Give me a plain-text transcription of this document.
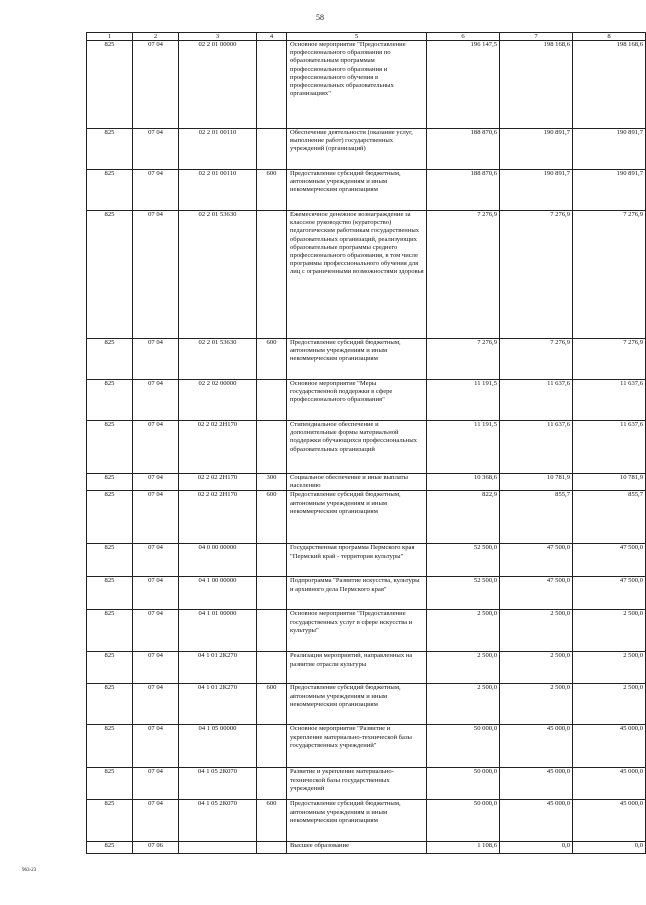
58
1	2	3	4	5	6	7	8
825	07 04	02 2 01 00000		Основное мероприятие "Предоставление профессионального образования по образовательным программам профессионального образования и профессионального обучения в профессиональных образовательных организациях"	196 147,5	198 168,6	198 168,6
825	07 04	02 2 01 00110		Обеспечение деятельности (оказание услуг, выполнение работ) государственных учреждений (организаций)	188 870,6	190 891,7	190 891,7
825	07 04	02 2 01 00110	600	Предоставление субсидий бюджетным, автономным учреждениям и иным некоммерческим организациям	188 870,6	190 891,7	190 891,7
825	07 04	02 2 01 53630		Ежемесячное денежное вознаграждение за классное руководство (кураторство) педагогическим работникам государственных образовательных организаций, реализующих образовательные программы среднего профессионального образования, в том числе программы профессионального обучения для лиц с ограниченными возможностями здоровья	7 276,9	7 276,9	7 276,9
825	07 04	02 2 01 53630	600	Предоставление субсидий бюджетным, автономным учреждениям и иным некоммерческим организациям	7 276,9	7 276,9	7 276,9
825	07 04	02 2 02 00000		Основное мероприятие "Меры государственной поддержки в сфере профессионального образования"	11 191,5	11 637,6	11 637,6
825	07 04	02 2 02 2Н170		Стипендиальное обеспечение и дополнительные формы материальной поддержки обучающихся профессиональных образовательных организаций	11 191,5	11 637,6	11 637,6
825	07 04	02 2 02 2Н170	300	Социальное обеспечение и иные выплаты населению	10 368,6	10 781,9	10 781,9
825	07 04	02 2 02 2Н170	600	Предоставление субсидий бюджетным, автономным учреждениям и иным некоммерческим организациям	822,9	855,7	855,7
825	07 04	04 0 00 00000		Государственная программа Пермского края "Пермский край - территория культуры"	52 500,0	47 500,0	47 500,0
825	07 04	04 1 00 00000		Подпрограмма "Развитие искусства, культуры и архивного дела Пермского края"	52 500,0	47 500,0	47 500,0
825	07 04	04 1 01 00000		Основное мероприятие "Предоставление государственных услуг в сфере искусства и культуры"	2 500,0	2 500,0	2 500,0
825	07 04	04 1 01 2К270		Реализация мероприятий, направленных на развитие отрасли культуры	2 500,0	2 500,0	2 500,0
825	07 04	04 1 01 2К270	600	Предоставление субсидий бюджетным, автономным учреждениям и иным некоммерческим организациям	2 500,0	2 500,0	2 500,0
825	07 04	04 1 05 00000		Основное мероприятие "Развитие и укрепление материально-технической базы государственных учреждений"	50 000,0	45 000,0	45 000,0
825	07 04	04 1 05 2К070		Развитие и укрепление материально-технической базы государственных учреждений	50 000,0	45 000,0	45 000,0
825	07 04	04 1 05 2К070	600	Предоставление субсидий бюджетным, автономным учреждениям и иным некоммерческим организациям	50 000,0	45 000,0	45 000,0
825	07 06			Высшее образование	1 108,6	0,0	0,0
963-23
